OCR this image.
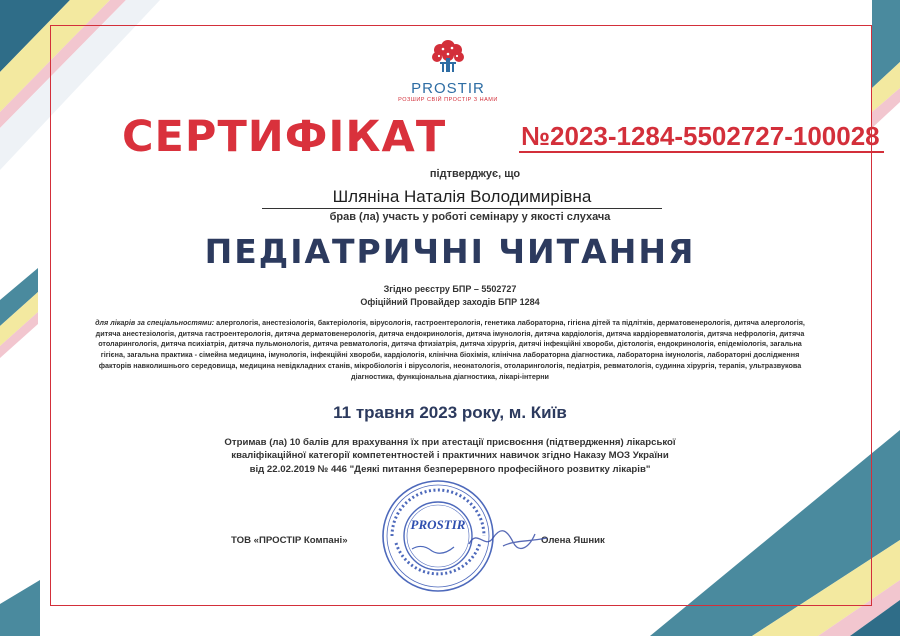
PROSTIR
РОЗШИР СВІЙ ПРОСТІР З НАМИ
СЕРТИФІКАТ	№2023-1284-5502727-100028
підтверджує, що
Шляніна Наталія Володимирівна
брав (ла) участь у роботі семінару у якості слухача
ПЕДІАТРИЧНІ ЧИТАННЯ
Згідно реєстру БПР – 5502727
Офіційний Провайдер заходів БПР 1284
для лікарів за спеціальностями: алергологія, анестезіологія, бактеріологія, вірусологія, гастроентерологія, генетика лабораторна, гігієна дітей та підлітків, дерматовенерологія, дитяча алергологія, дитяча анестезіологія, дитяча гастроентерологія, дитяча дерматовенерологія, дитяча ендокринологія, дитяча імунологія, дитяча кардіологія, дитяча кардіоревматологія, дитяча нефрологія, дитяча отоларингологія, дитяча психіатрія, дитяча пульмонологія, дитяча ревматологія, дитяча фтизіатрія, дитяча хірургія, дитячі інфекційні хвороби, дієтологія, ендокринологія, епідеміологія, загальна гігієна, загальна практика - сімейна медицина, імунологія, інфекційні хвороби, кардіологія, клінічна біохімія, клінічна лабораторна діагностика, лабораторна імунологія, лабораторні дослідження факторів навколишнього середовища, медицина невідкладних станів, мікробіологія і вірусологія, неонатологія, отоларингологія, педіатрія, ревматологія, судинна хірургія, терапія, ультразвукова діагностика, функціональна діагностика, лікарі-інтерни
11 травня 2023 року, м. Київ
Отримав (ла) 10 балів для врахування їх при атестації присвоєння (підтвердження) лікарської
кваліфікаційної категорії компетентностей і практичних навичок згідно Наказу МОЗ України
від 22.02.2019 № 446 "Деякі питання безперервного професійного розвитку лікарів"
ТОВ «ПРОСТІР Компані»	Олена Яшник
PROSTIR
